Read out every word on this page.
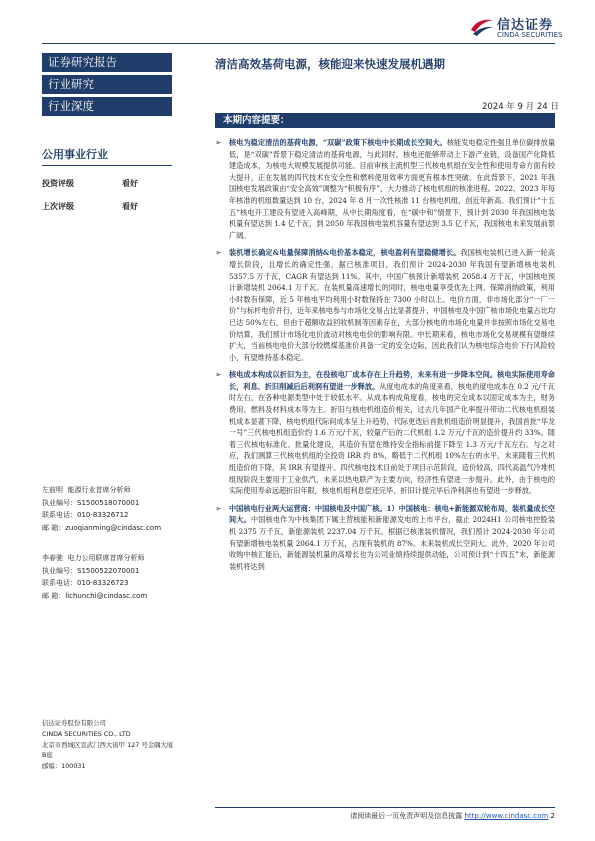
信达证券
CINDA SECURITIES
证券研究报告
行业研究
行业深度
公用事业行业
投资评级	看好
上次评级	看好
左前明 能源行业首席分析师
执业编号：S1500518070001
联系电话：010-83326712
邮 箱：zuoqianming@cindasc.com
李春驰 电力公用联席首席分析师
执业编号：S1500522070001
联系电话：010-83326723
邮 箱：lichunchi@cindasc.com
信达证券股份有限公司
CINDA SECURITIES CO., LTD
北京市西城区宣武门西大街甲 127 号金隅大厦B座
邮编：100031
清洁高效基荷电源，核能迎来快速发展机遇期
2024 年 9 月 24 日
本期内容提要：
➢ 核电为稳定清洁的基荷电源，“双碳”政策下核电中长期成长空间大。核能发电稳定性强且单位碳排放量低，是“双碳”背景下稳定清洁的基荷电源，与此同时，核电还能够带动上下游产业链，设备国产化降低建造成本，为核电大规模发展提供可能。目前审核主流机型三代核电机组在安全性和使用寿命方面有较大提升，正在发展的四代技术在安全性和燃料使用效率方面更有根本性突破。在此背景下，2021 年我国核电发展政策由“安全高效”调整为“积极有序”，大力推动了核电机组的核准进程。2022、2023 年每年核准的机组数量达到 10 台，2024 年 8 月一次性核准 11 台核电机组，创近年新高。我们预计“十五五”核电开工建设有望进入高峰期，从中长期角度看，在“碳中和”情景下，预计到 2030 年我国核电装机量有望达到 1.4 亿千瓦，到 2050 年我国核电装机容量有望达到 3.5 亿千瓦，我国核电未来发展前景广阔。
➢ 装机增长确定&电量保障消纳&电价基本稳定，核电盈利有望稳健增长。我国核电装机已进入新一轮高增长阶段，且增长的确定性强，据已核准项目，我们预计 2024-2030 年我国有望新增核电装机 5357.5 万千瓦，CAGR 有望达到 11%。其中，中国广核预计新增装机 2058.4 万千瓦，中国核电预计新增装机 2064.1 万千瓦。在装机量高速增长的同时，核电电量享受优先上网、保障消纳政策，利用小时数有保障，近 5 年核电平均利用小时数保持在 7300 小时以上。电价方面，非市场化部分“一厂一价”与标杆电价并行，近年来核电参与市场化交易占比显著提升，中国核电及中国广核市场化电量占比均已达 50%左右，但由于超额收益回收机制等因素存在，大部分核电的市场化电量并非按照市场化交易电价结算，我们预计市场化电价波动对核电电价的影响有限。中长期来看，核电市场化交易规模有望继续扩大，当前核电电价大部分较燃煤基准价具备一定的安全边际，因此我们认为核电综合电价下行风险较小，有望维持基本稳定。
➢ 核电成本构成以折旧为主，在役核电厂成本存在上升趋势，未来有进一步降本空间。核电实际使用寿命长，利息、折旧削减后后利润有望进一步释放。从度电成本的角度来看，核电的度电成本在 0.2 元/千瓦时左右，在各种电源类型中处于较低水平。从成本构成角度看，核电的完全成本以固定成本为主，财务费用、燃料及材料成本等为主。折旧与核电机组造价相关，过去几年国产化率提升带动二代核电机组装机成本显著下降，核电机组代际间成本呈上升趋势，代际更迭后首批机组造价明显提升，我国首批“华龙一号”三代核电机组造价约 1.6 万元/千瓦，较量产后的二代机组 1.2 万元/千瓦的造价提升约 33%。随着三代核电标准化、批量化建设，其造价有望在维持安全指标前提下降至 1.3 万元/千瓦左右。与之对应，我们测算三代核电机组的全投资 IRR 约 8%，略低于二代机组 10%左右的水平，未来随着三代机组造价的下降，其 IRR 有望提升。四代核电技术目前处于项目示范阶段，造价较高，四代高温气冷堆机组现阶段主要用于工业供汽，未来以热电联产为主要方向，经济性有望进一步提升。此外，由于核电的实际使用寿命远超折旧年限，核电机组利息偿还完毕、折旧计提完毕后净利润也有望进一步释放。
➢ 中国核电行业两大运营商：中国核电及中国广核。1）中国核电：核电+新能源双轮布局，装机量成长空间大。中国核电作为中核集团下属主营核能和新能源发电的上市平台，截止 2024H1 公司核电控股装机 2375 万千瓦，新能源装机 2237.04 万千瓦。根据已核准装机情况，我们预计 2024-2030 年公司有望新增核电装机量 2064.1 万千瓦，占现有装机的 87%。未来装机成长空间大。此外，2020 年公司收购中核汇能后，新能源装机量的高增长也为公司业绩持续提供动能，公司预计到“十四五”末，新能源装机将达到
请阅读最后一页免责声明及信息披露 http://www.cindasc.com 2
